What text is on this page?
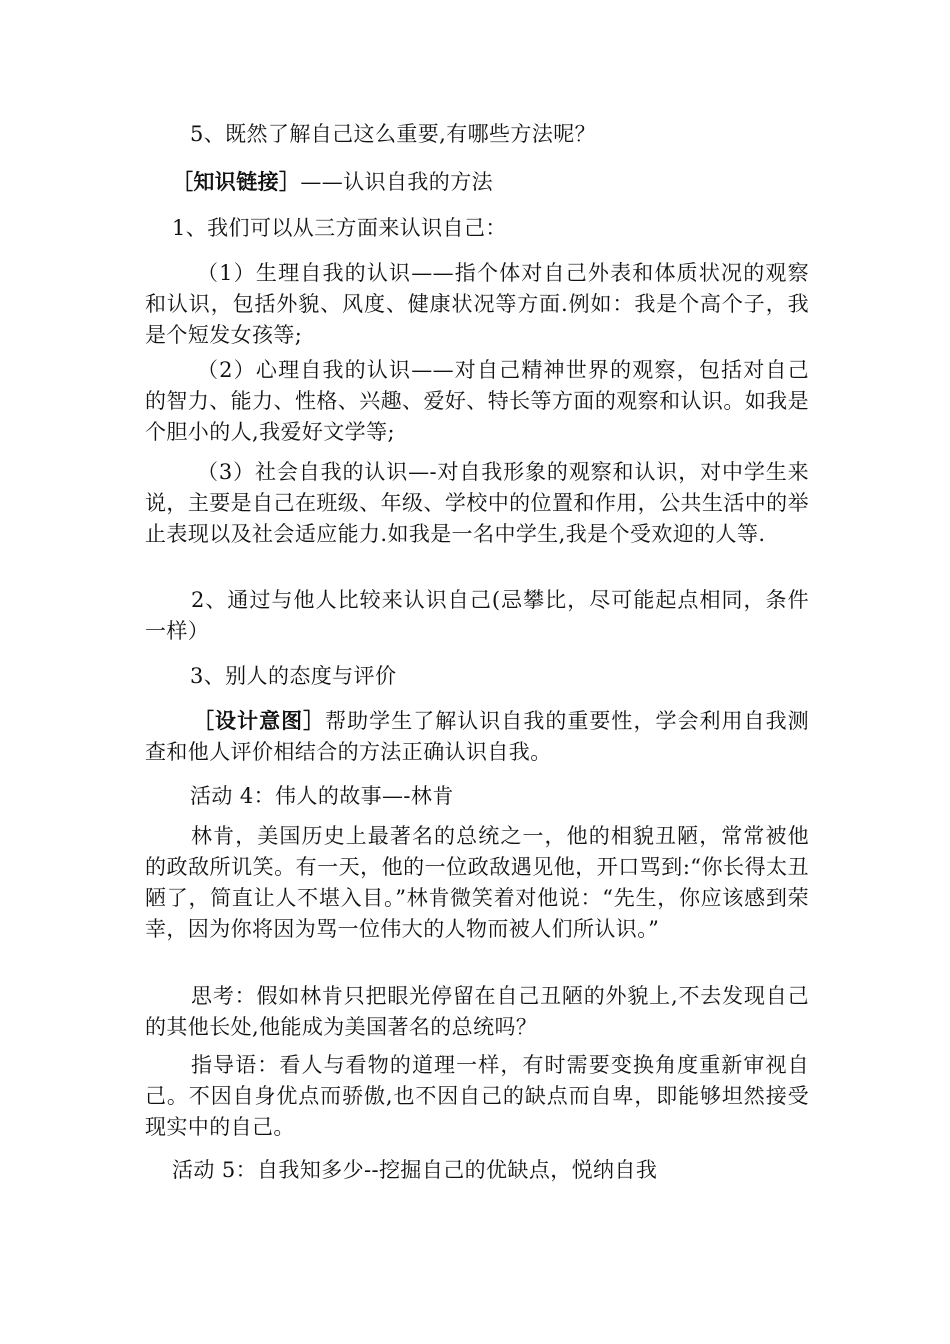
5、既然了解自己这么重要,有哪些方法呢？
［知识链接］——认识自我的方法
1、我们可以从三方面来认识自己：
（1）生理自我的认识——指个体对自己外表和体质状况的观察和认识，包括外貌、风度、健康状况等方面.例如：我是个高个子，我是个短发女孩等;
（2）心理自我的认识——对自己精神世界的观察，包括对自己的智力、能力、性格、兴趣、爱好、特长等方面的观察和认识。如我是个胆小的人,我爱好文学等;
（3）社会自我的认识—-对自我形象的观察和认识，对中学生来说，主要是自己在班级、年级、学校中的位置和作用，公共生活中的举止表现以及社会适应能力.如我是一名中学生,我是个受欢迎的人等.
2、通过与他人比较来认识自己(忌攀比，尽可能起点相同，条件一样）
3、别人的态度与评价
［设计意图］帮助学生了解认识自我的重要性，学会利用自我测查和他人评价相结合的方法正确认识自我。
活动 4：伟人的故事—-林肯
林肯，美国历史上最著名的总统之一，他的相貌丑陋，常常被他的政敌所讥笑。有一天，他的一位政敌遇见他，开口骂到:“你长得太丑陋了，简直让人不堪入目。”林肯微笑着对他说：“先生，你应该感到荣幸，因为你将因为骂一位伟大的人物而被人们所认识。”
思考：假如林肯只把眼光停留在自己丑陋的外貌上,不去发现自己的其他长处,他能成为美国著名的总统吗？
指导语：看人与看物的道理一样，有时需要变换角度重新审视自己。不因自身优点而骄傲,也不因自己的缺点而自卑，即能够坦然接受现实中的自己。
活动 5：自我知多少--挖掘自己的优缺点，悦纳自我
